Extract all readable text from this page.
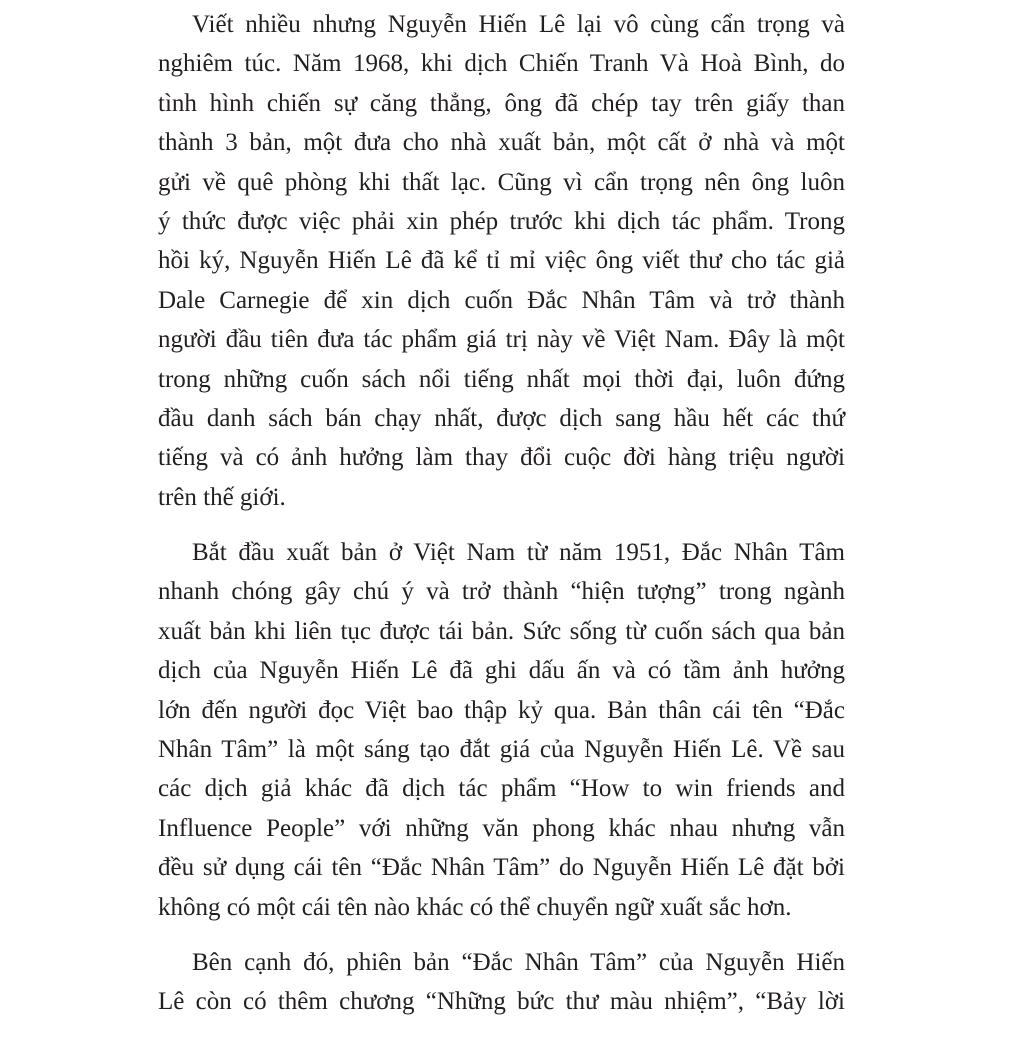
Viết nhiều nhưng Nguyễn Hiến Lê lại vô cùng cẩn trọng và
nghiêm túc. Năm 1968, khi dịch Chiến Tranh Và Hoà Bình, do
tình hình chiến sự căng thẳng, ông đã chép tay trên giấy than
thành 3 bản, một đưa cho nhà xuất bản, một cất ở nhà và một
gửi về quê phòng khi thất lạc. Cũng vì cẩn trọng nên ông luôn
ý thức được việc phải xin phép trước khi dịch tác phẩm. Trong
hồi ký, Nguyễn Hiến Lê đã kể tỉ mỉ việc ông viết thư cho tác giả
Dale Carnegie để xin dịch cuốn Đắc Nhân Tâm và trở thành
người đầu tiên đưa tác phẩm giá trị này về Việt Nam. Đây là một
trong những cuốn sách nổi tiếng nhất mọi thời đại, luôn đứng
đầu danh sách bán chạy nhất, được dịch sang hầu hết các thứ
tiếng và có ảnh hưởng làm thay đổi cuộc đời hàng triệu người
trên thế giới.

Bắt đầu xuất bản ở Việt Nam từ năm 1951, Đắc Nhân Tâm
nhanh chóng gây chú ý và trở thành “hiện tượng” trong ngành
xuất bản khi liên tục được tái bản. Sức sống từ cuốn sách qua bản
dịch của Nguyễn Hiến Lê đã ghi dấu ấn và có tầm ảnh hưởng
lớn đến người đọc Việt bao thập kỷ qua. Bản thân cái tên “Đắc
Nhân Tâm” là một sáng tạo đắt giá của Nguyễn Hiến Lê. Về sau
các dịch giả khác đã dịch tác phẩm “How to win friends and
Influence People” với những văn phong khác nhau nhưng vẫn
đều sử dụng cái tên “Đắc Nhân Tâm” do Nguyễn Hiến Lê đặt bởi
không có một cái tên nào khác có thể chuyển ngữ xuất sắc hơn.

Bên cạnh đó, phiên bản “Đắc Nhân Tâm” của Nguyễn Hiến
Lê còn có thêm chương “Những bức thư màu nhiệm”, “Bảy lời
